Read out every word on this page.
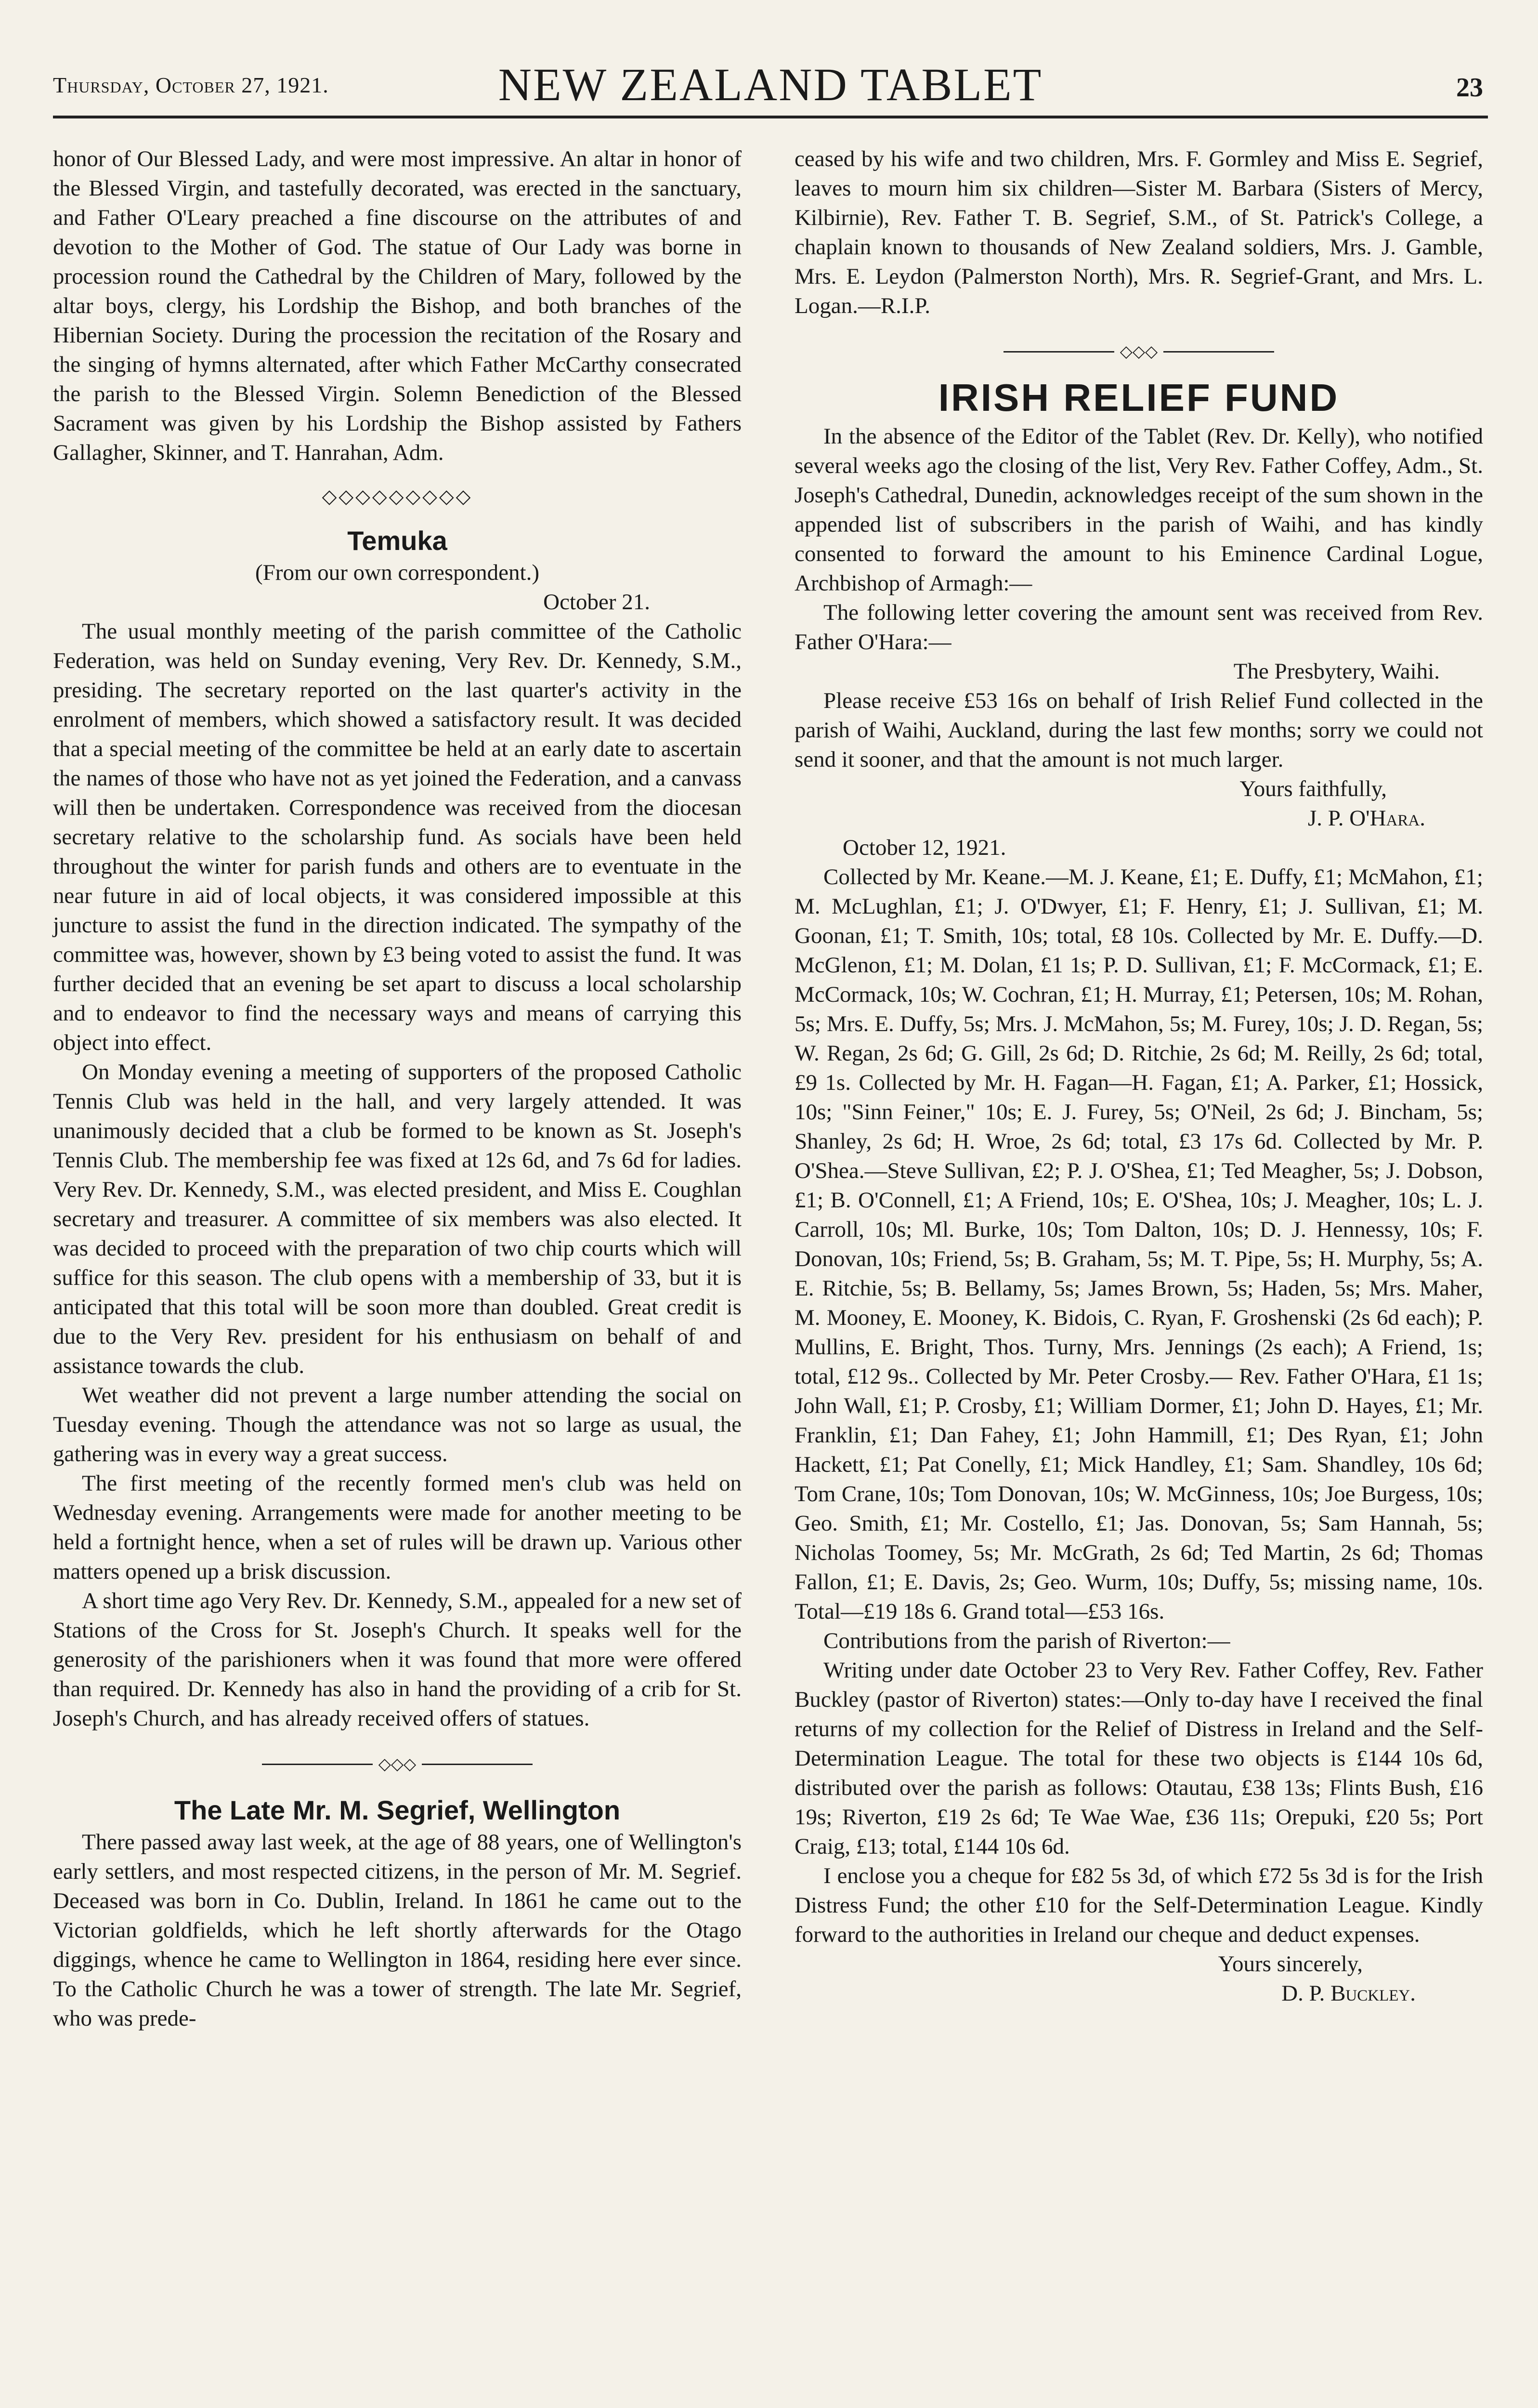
Thursday, October 27, 1921.	NEW ZEALAND TABLET	23

honor of Our Blessed Lady, and were most impressive. An altar in honor of the Blessed Virgin, and tastefully decorated, was erected in the sanctuary, and Father O'Leary preached a fine discourse on the attributes of and devotion to the Mother of God. The statue of Our Lady was borne in procession round the Cathedral by the Children of Mary, followed by the altar boys, clergy, his Lordship the Bishop, and both branches of the Hibernian Society. During the procession the recitation of the Rosary and the singing of hymns alternated, after which Father McCarthy consecrated the parish to the Blessed Virgin. Solemn Benediction of the Blessed Sacrament was given by his Lordship the Bishop assisted by Fathers Gallagher, Skinner, and T. Hanrahan, Adm.

◇◇◇◇◇◇◇◇◇
Temuka
(From our own correspondent.)
October 21.

The usual monthly meeting of the parish committee of the Catholic Federation, was held on Sunday evening, Very Rev. Dr. Kennedy, S.M., presiding. The secretary reported on the last quarter's activity in the enrolment of members, which showed a satisfactory result. It was decided that a special meeting of the committee be held at an early date to ascertain the names of those who have not as yet joined the Federation, and a canvass will then be undertaken. Correspondence was received from the diocesan secretary relative to the scholarship fund. As socials have been held throughout the winter for parish funds and others are to eventuate in the near future in aid of local objects, it was considered impossible at this juncture to assist the fund in the direction indicated. The sympathy of the committee was, however, shown by £3 being voted to assist the fund. It was further decided that an evening be set apart to discuss a local scholarship and to endeavor to find the necessary ways and means of carrying this object into effect.

On Monday evening a meeting of supporters of the proposed Catholic Tennis Club was held in the hall, and very largely attended. It was unanimously decided that a club be formed to be known as St. Joseph's Tennis Club. The membership fee was fixed at 12s 6d, and 7s 6d for ladies. Very Rev. Dr. Kennedy, S.M., was elected president, and Miss E. Coughlan secretary and treasurer. A committee of six members was also elected. It was decided to proceed with the preparation of two chip courts which will suffice for this season. The club opens with a membership of 33, but it is anticipated that this total will be soon more than doubled. Great credit is due to the Very Rev. president for his enthusiasm on behalf of and assistance towards the club.

Wet weather did not prevent a large number attending the social on Tuesday evening. Though the attendance was not so large as usual, the gathering was in every way a great success.

The first meeting of the recently formed men's club was held on Wednesday evening. Arrangements were made for another meeting to be held a fortnight hence, when a set of rules will be drawn up. Various other matters opened up a brisk discussion.

A short time ago Very Rev. Dr. Kennedy, S.M., appealed for a new set of Stations of the Cross for St. Joseph's Church. It speaks well for the generosity of the parishioners when it was found that more were offered than required. Dr. Kennedy has also in hand the providing of a crib for St. Joseph's Church, and has already received offers of statues.

◇◇◇
The Late Mr. M. Segrief, Wellington

There passed away last week, at the age of 88 years, one of Wellington's early settlers, and most respected citizens, in the person of Mr. M. Segrief. Deceased was born in Co. Dublin, Ireland. In 1861 he came out to the Victorian goldfields, which he left shortly afterwards for the Otago diggings, whence he came to Wellington in 1864, residing here ever since. To the Catholic Church he was a tower of strength. The late Mr. Segrief, who was prede-

ceased by his wife and two children, Mrs. F. Gormley and Miss E. Segrief, leaves to mourn him six children—Sister M. Barbara (Sisters of Mercy, Kilbirnie), Rev. Father T. B. Segrief, S.M., of St. Patrick's College, a chaplain known to thousands of New Zealand soldiers, Mrs. J. Gamble, Mrs. E. Leydon (Palmerston North), Mrs. R. Segrief-Grant, and Mrs. L. Logan.—R.I.P.

◇◇◇
IRISH RELIEF FUND

In the absence of the Editor of the Tablet (Rev. Dr. Kelly), who notified several weeks ago the closing of the list, Very Rev. Father Coffey, Adm., St. Joseph's Cathedral, Dunedin, acknowledges receipt of the sum shown in the appended list of subscribers in the parish of Waihi, and has kindly consented to forward the amount to his Eminence Cardinal Logue, Archbishop of Armagh:—

The following letter covering the amount sent was received from Rev. Father O'Hara:—

The Presbytery, Waihi.

Please receive £53 16s on behalf of Irish Relief Fund collected in the parish of Waihi, Auckland, during the last few months; sorry we could not send it sooner, and that the amount is not much larger.

Yours faithfully,
J. P. O'Hara.

October 12, 1921.

Collected by Mr. Keane.—M. J. Keane, £1; E. Duffy, £1; McMahon, £1; M. McLughlan, £1; J. O'Dwyer, £1; F. Henry, £1; J. Sullivan, £1; M. Goonan, £1; T. Smith, 10s; total, £8 10s. Collected by Mr. E. Duffy.—D. McGlenon, £1; M. Dolan, £1 1s; P. D. Sullivan, £1; F. McCormack, £1; E. McCormack, 10s; W. Cochran, £1; H. Murray, £1; Petersen, 10s; M. Rohan, 5s; Mrs. E. Duffy, 5s; Mrs. J. McMahon, 5s; M. Furey, 10s; J. D. Regan, 5s; W. Regan, 2s 6d; G. Gill, 2s 6d; D. Ritchie, 2s 6d; M. Reilly, 2s 6d; total, £9 1s. Collected by Mr. H. Fagan—H. Fagan, £1; A. Parker, £1; Hossick, 10s; "Sinn Feiner," 10s; E. J. Furey, 5s; O'Neil, 2s 6d; J. Bincham, 5s; Shanley, 2s 6d; H. Wroe, 2s 6d; total, £3 17s 6d. Collected by Mr. P. O'Shea.—Steve Sullivan, £2; P. J. O'Shea, £1; Ted Meagher, 5s; J. Dobson, £1; B. O'Connell, £1; A Friend, 10s; E. O'Shea, 10s; J. Meagher, 10s; L. J. Carroll, 10s; Ml. Burke, 10s; Tom Dalton, 10s; D. J. Hennessy, 10s; F. Donovan, 10s; Friend, 5s; B. Graham, 5s; M. T. Pipe, 5s; H. Murphy, 5s; A. E. Ritchie, 5s; B. Bellamy, 5s; James Brown, 5s; Haden, 5s; Mrs. Maher, M. Mooney, E. Mooney, K. Bidois, C. Ryan, F. Groshenski (2s 6d each); P. Mullins, E. Bright, Thos. Turny, Mrs. Jennings (2s each); A Friend, 1s; total, £12 9s.. Collected by Mr. Peter Crosby.— Rev. Father O'Hara, £1 1s; John Wall, £1; P. Crosby, £1; William Dormer, £1; John D. Hayes, £1; Mr. Franklin, £1; Dan Fahey, £1; John Hammill, £1; Des Ryan, £1; John Hackett, £1; Pat Conelly, £1; Mick Handley, £1; Sam. Shandley, 10s 6d; Tom Crane, 10s; Tom Donovan, 10s; W. McGinness, 10s; Joe Burgess, 10s; Geo. Smith, £1; Mr. Costello, £1; Jas. Donovan, 5s; Sam Hannah, 5s; Nicholas Toomey, 5s; Mr. McGrath, 2s 6d; Ted Martin, 2s 6d; Thomas Fallon, £1; E. Davis, 2s; Geo. Wurm, 10s; Duffy, 5s; missing name, 10s. Total—£19 18s 6. Grand total—£53 16s.

Contributions from the parish of Riverton:—

Writing under date October 23 to Very Rev. Father Coffey, Rev. Father Buckley (pastor of Riverton) states:—Only to-day have I received the final returns of my collection for the Relief of Distress in Ireland and the Self-Determination League. The total for these two objects is £144 10s 6d, distributed over the parish as follows: Otautau, £38 13s; Flints Bush, £16 19s; Riverton, £19 2s 6d; Te Wae Wae, £36 11s; Orepuki, £20 5s; Port Craig, £13; total, £144 10s 6d.

I enclose you a cheque for £82 5s 3d, of which £72 5s 3d is for the Irish Distress Fund; the other £10 for the Self-Determination League. Kindly forward to the authorities in Ireland our cheque and deduct expenses.

Yours sincerely,
D. P. Buckley.
